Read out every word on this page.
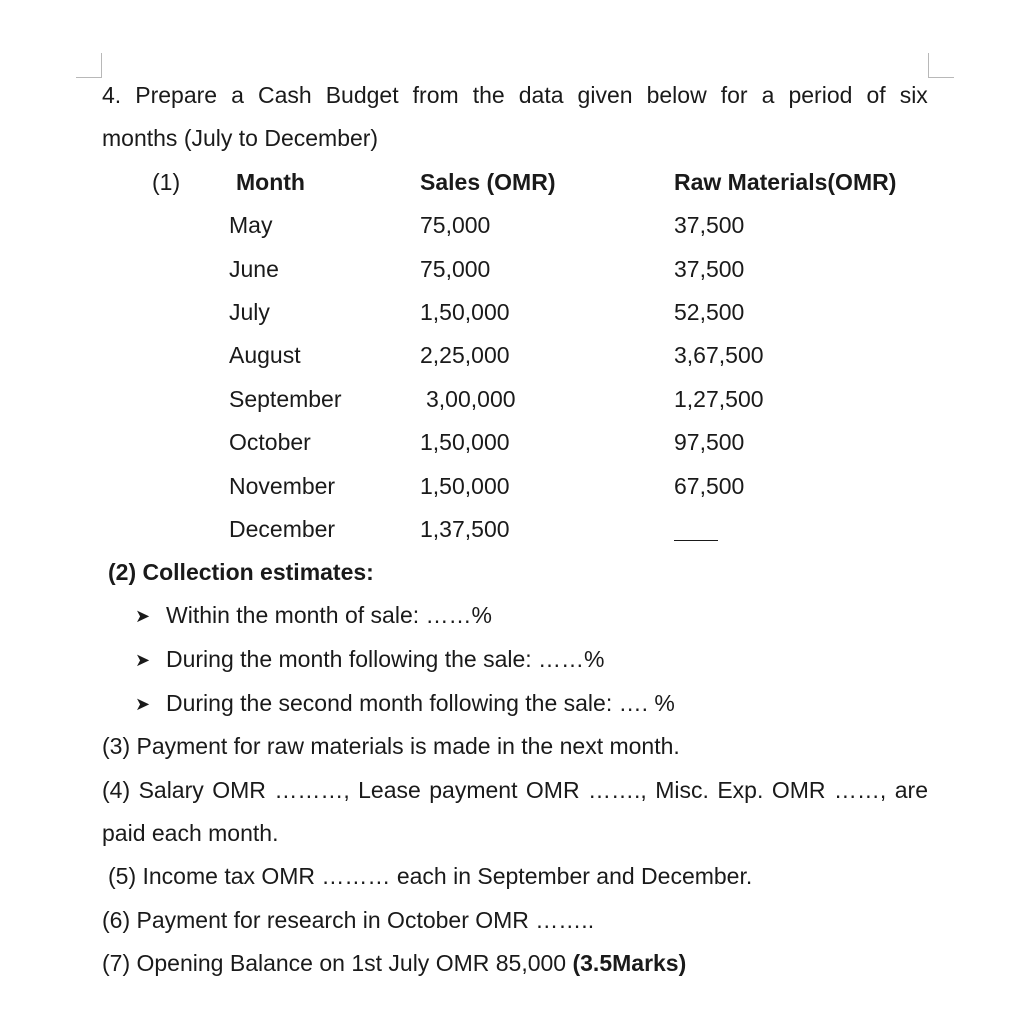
4. Prepare a Cash Budget from the data given below for a period of six
months (July to December)
(1) Month	Sales (OMR)	Raw Materials(OMR)
May	75,000	37,500
June	75,000	37,500
July	1,50,000	52,500
August	2,25,000	3,67,500
September	3,00,000	1,27,500
October	1,50,000	97,500
November	1,50,000	67,500
December	1,37,500
(2) Collection estimates:
➤ Within the month of sale: ……%
➤ During the month following the sale: ……%
➤ During the second month following the sale: …. %
(3) Payment for raw materials is made in the next month.
(4) Salary OMR ………, Lease payment OMR ……., Misc. Exp. OMR ……, are
paid each month.
(5) Income tax OMR ……… each in September and December.
(6) Payment for research in October OMR ……..
(7) Opening Balance on 1st July OMR 85,000 (3.5Marks)
